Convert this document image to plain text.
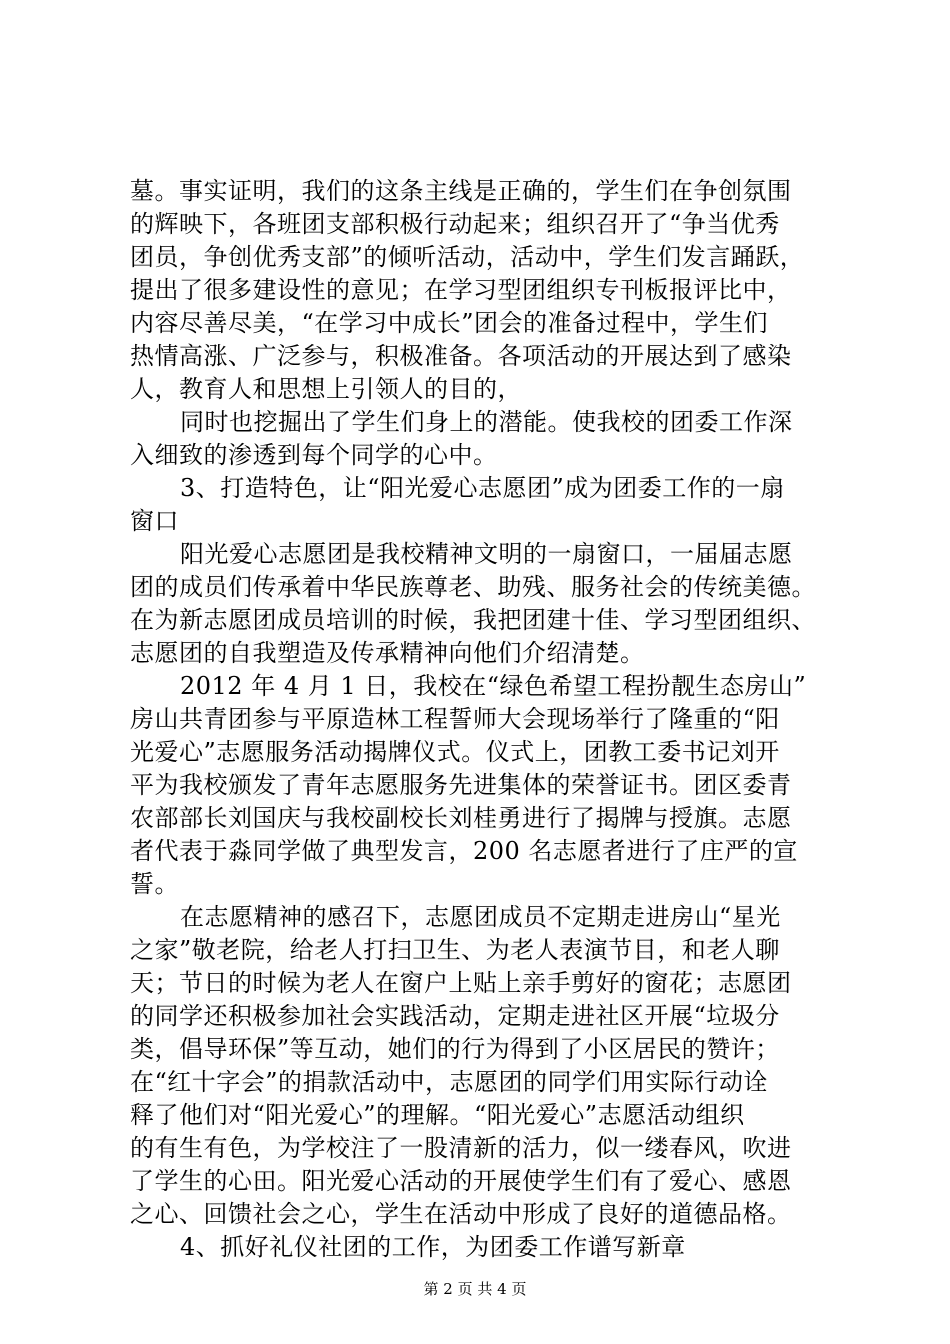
墓。事实证明，我们的这条主线是正确的，学生们在争创氛围
的辉映下，各班团支部积极行动起来；组织召开了“争当优秀
团员，争创优秀支部”的倾听活动，活动中，学生们发言踊跃，
提出了很多建设性的意见；在学习型团组织专刊板报评比中，
内容尽善尽美，“在学习中成长”团会的准备过程中，学生们
热情高涨、广泛参与，积极准备。各项活动的开展达到了感染
人，教育人和思想上引领人的目的，
同时也挖掘出了学生们身上的潜能。使我校的团委工作深
入细致的渗透到每个同学的心中。
3、打造特色，让“阳光爱心志愿团”成为团委工作的一扇
窗口
阳光爱心志愿团是我校精神文明的一扇窗口，一届届志愿
团的成员们传承着中华民族尊老、助残、服务社会的传统美德。
在为新志愿团成员培训的时候，我把团建十佳、学习型团组织、
志愿团的自我塑造及传承精神向他们介绍清楚。
2012 年 4 月 1 日，我校在“绿色希望工程扮靓生态房山”
房山共青团参与平原造林工程誓师大会现场举行了隆重的“阳
光爱心”志愿服务活动揭牌仪式。仪式上，团教工委书记刘开
平为我校颁发了青年志愿服务先进集体的荣誉证书。团区委青
农部部长刘国庆与我校副校长刘桂勇进行了揭牌与授旗。志愿
者代表于淼同学做了典型发言，200 名志愿者进行了庄严的宣
誓。
在志愿精神的感召下，志愿团成员不定期走进房山“星光
之家”敬老院，给老人打扫卫生、为老人表演节目，和老人聊
天；节日的时候为老人在窗户上贴上亲手剪好的窗花；志愿团
的同学还积极参加社会实践活动，定期走进社区开展“垃圾分
类，倡导环保”等互动，她们的行为得到了小区居民的赞许；
在“红十字会”的捐款活动中，志愿团的同学们用实际行动诠
释了他们对“阳光爱心”的理解。“阳光爱心”志愿活动组织
的有生有色，为学校注了一股清新的活力，似一缕春风，吹进
了学生的心田。阳光爱心活动的开展使学生们有了爱心、感恩
之心、回馈社会之心，学生在活动中形成了良好的道德品格。
4、抓好礼仪社团的工作，为团委工作谱写新章
第 2 页 共 4 页
